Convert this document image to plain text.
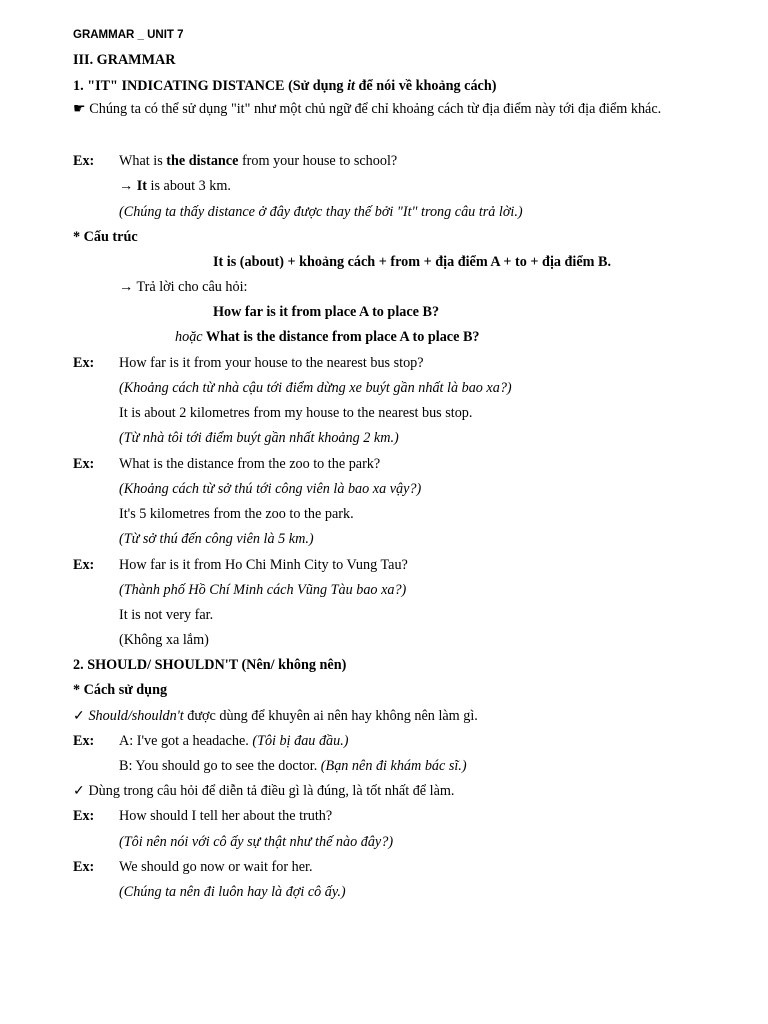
GRAMMAR _ UNIT 7
III. GRAMMAR
1. "IT" INDICATING DISTANCE (Sử dụng it để nói về khoảng cách)
☛ Chúng ta có thể sử dụng "it" như một chủ ngữ để chỉ khoảng cách từ địa điểm này tới địa điểm khác.
Ex: What is the distance from your house to school?
→ It is about 3 km.
(Chúng ta thấy distance ở đây được thay thế bởi "It" trong câu trả lời.)
* Cấu trúc
It is (about) + khoảng cách + from + địa điểm A + to + địa điểm B.
→ Trả lời cho câu hỏi:
How far is it from place A to place B?
hoặc What is the distance from place A to place B?
Ex: How far is it from your house to the nearest bus stop?
(Khoảng cách từ nhà cậu tới điểm dừng xe buýt gần nhất là bao xa?)
It is about 2 kilometres from my house to the nearest bus stop.
(Từ nhà tôi tới điểm buýt gần nhất khoảng 2 km.)
Ex: What is the distance from the zoo to the park?
(Khoảng cách từ sở thú tới công viên là bao xa vậy?)
It's 5 kilometres from the zoo to the park.
(Từ sở thú đến công viên là 5 km.)
Ex: How far is it from Ho Chi Minh City to Vung Tau?
(Thành phố Hồ Chí Minh cách Vũng Tàu bao xa?)
It is not very far.
(Không xa lắm)
2. SHOULD/ SHOULDN'T (Nên/ không nên)
* Cách sử dụng
✓ Should/shouldn't được dùng để khuyên ai nên hay không nên làm gì.
Ex: A: I've got a headache. (Tôi bị đau đầu.)
B: You should go to see the doctor. (Bạn nên đi khám bác sĩ.)
✓ Dùng trong câu hỏi để diễn tả điều gì là đúng, là tốt nhất để làm.
Ex: How should I tell her about the truth?
(Tôi nên nói với cô ấy sự thật như thế nào đây?)
Ex: We should go now or wait for her.
(Chúng ta nên đi luôn hay là đợi cô ấy.)
